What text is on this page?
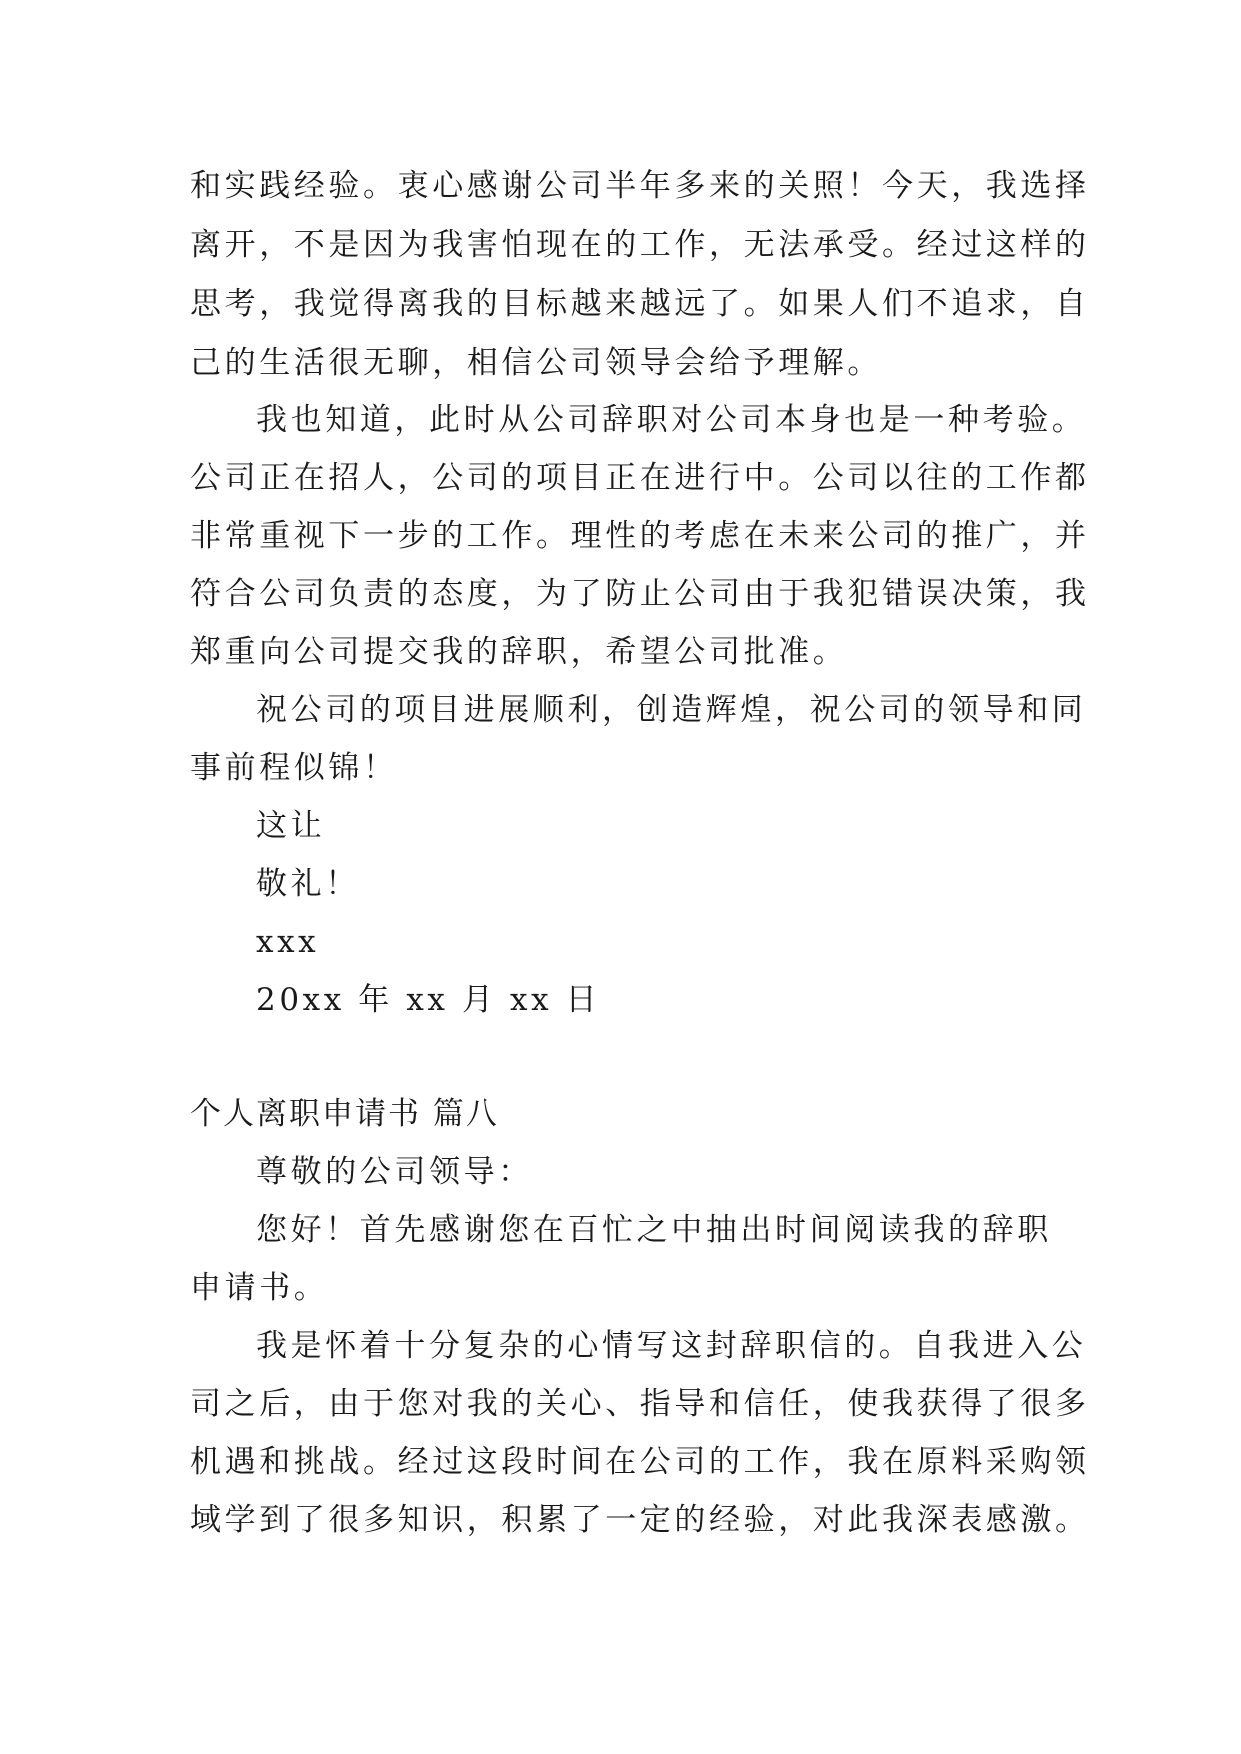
和实践经验。衷心感谢公司半年多来的关照！今天，我选择
离开，不是因为我害怕现在的工作，无法承受。经过这样的
思考，我觉得离我的目标越来越远了。如果人们不追求，自
己的生活很无聊，相信公司领导会给予理解。
我也知道，此时从公司辞职对公司本身也是一种考验。
公司正在招人，公司的项目正在进行中。公司以往的工作都
非常重视下一步的工作。理性的考虑在未来公司的推广，并
符合公司负责的态度，为了防止公司由于我犯错误决策，我
郑重向公司提交我的辞职，希望公司批准。
祝公司的项目进展顺利，创造辉煌，祝公司的领导和同
事前程似锦！
这让
敬礼！
xxx
20xx 年 xx 月 xx 日
个人离职申请书 篇八
尊敬的公司领导：
您好！首先感谢您在百忙之中抽出时间阅读我的辞职
申请书。
我是怀着十分复杂的心情写这封辞职信的。自我进入公
司之后，由于您对我的关心、指导和信任，使我获得了很多
机遇和挑战。经过这段时间在公司的工作，我在原料采购领
域学到了很多知识，积累了一定的经验，对此我深表感激。
